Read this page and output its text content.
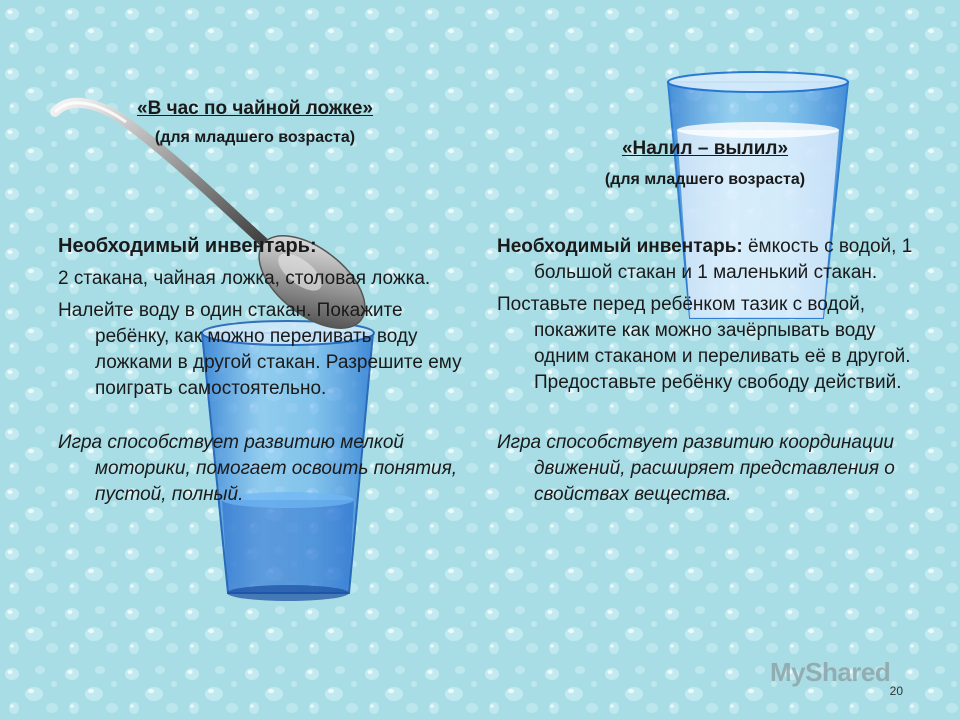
«В час по чайной ложке»
(для младшего возраста)
«Налил – вылил»
(для младшего возраста)
Необходимый инвентарь:

2 стакана, чайная ложка, столовая ложка.

Налейте воду в один стакан. Покажите ребёнку, как можно переливать воду ложками в другой стакан. Разрешите ему поиграть самостоятельно.

Игра способствует развитию мелкой моторики, помогает освоить понятия, пустой, полный.

Необходимый инвентарь: ёмкость с водой, 1 большой стакан и 1 маленький стакан.

Поставьте перед ребёнком тазик с водой, покажите как можно зачёрпывать воду одним стаканом и переливать её в другой. Предоставьте ребёнку свободу действий.

Игра способствует развитию координации движений, расширяет представления о свойствах вещества.

MyShared
20
